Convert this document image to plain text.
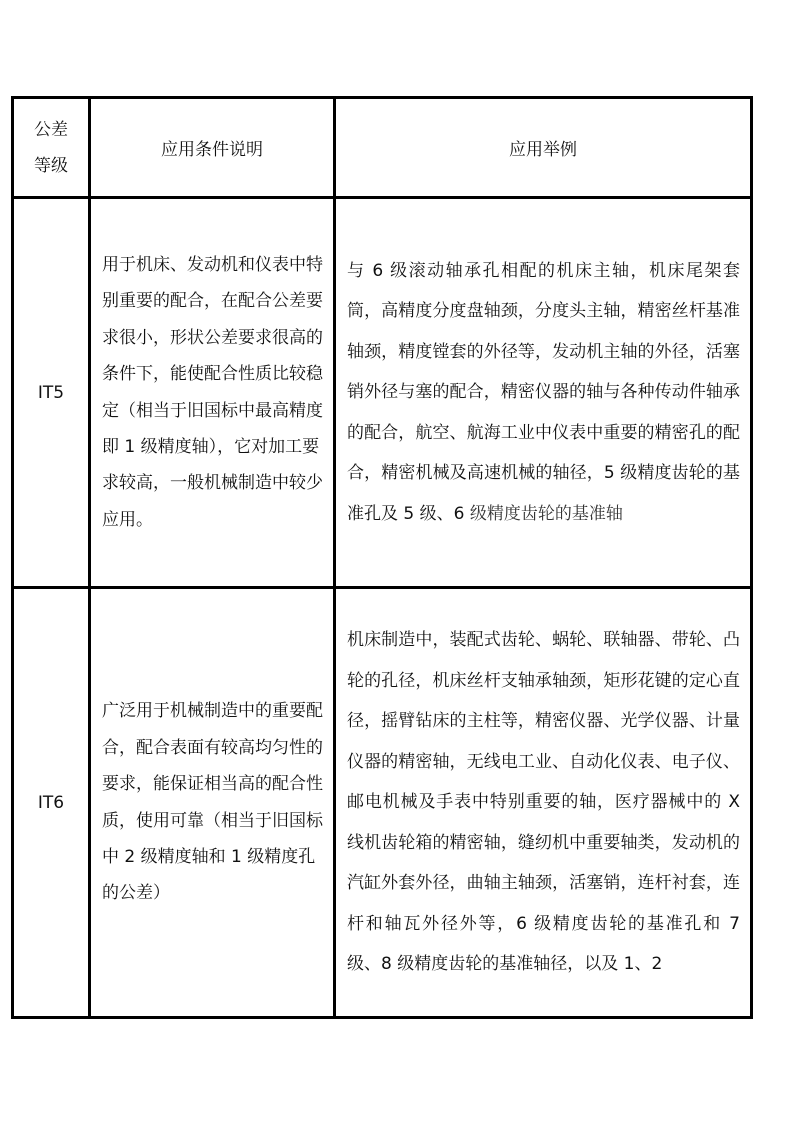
公差
等级	应用条件说明	应用举例

IT5	用于机床、发动机和仪表中特别重要的配合，在配合公差要求很小，形状公差要求很高的条件下，能使配合性质比较稳定（相当于旧国标中最高精度即 1 级精度轴），它对加工要求较高，一般机械制造中较少应用。	与 6 级滚动轴承孔相配的机床主轴，机床尾架套筒，高精度分度盘轴颈，分度头主轴，精密丝杆基准轴颈，精度镗套的外径等，发动机主轴的外径，活塞销外径与塞的配合，精密仪器的轴与各种传动件轴承的配合，航空、航海工业中仪表中重要的精密孔的配合，精密机械及高速机械的轴径，5 级精度齿轮的基准孔及 5 级、6 级精度齿轮的基准轴

IT6	广泛用于机械制造中的重要配合，配合表面有较高均匀性的要求，能保证相当高的配合性质，使用可靠（相当于旧国标中 2 级精度轴和 1 级精度孔的公差）	机床制造中，装配式齿轮、蜗轮、联轴器、带轮、凸轮的孔径，机床丝杆支轴承轴颈，矩形花键的定心直径，摇臂钻床的主柱等，精密仪器、光学仪器、计量仪器的精密轴，无线电工业、自动化仪表、电子仪、邮电机械及手表中特别重要的轴，医疗器械中的 X 线机齿轮箱的精密轴，缝纫机中重要轴类，发动机的汽缸外套外径，曲轴主轴颈，活塞销，连杆衬套，连杆和轴瓦外径外等，6 级精度齿轮的基准孔和 7 级、8 级精度齿轮的基准轴径，以及 1、2
